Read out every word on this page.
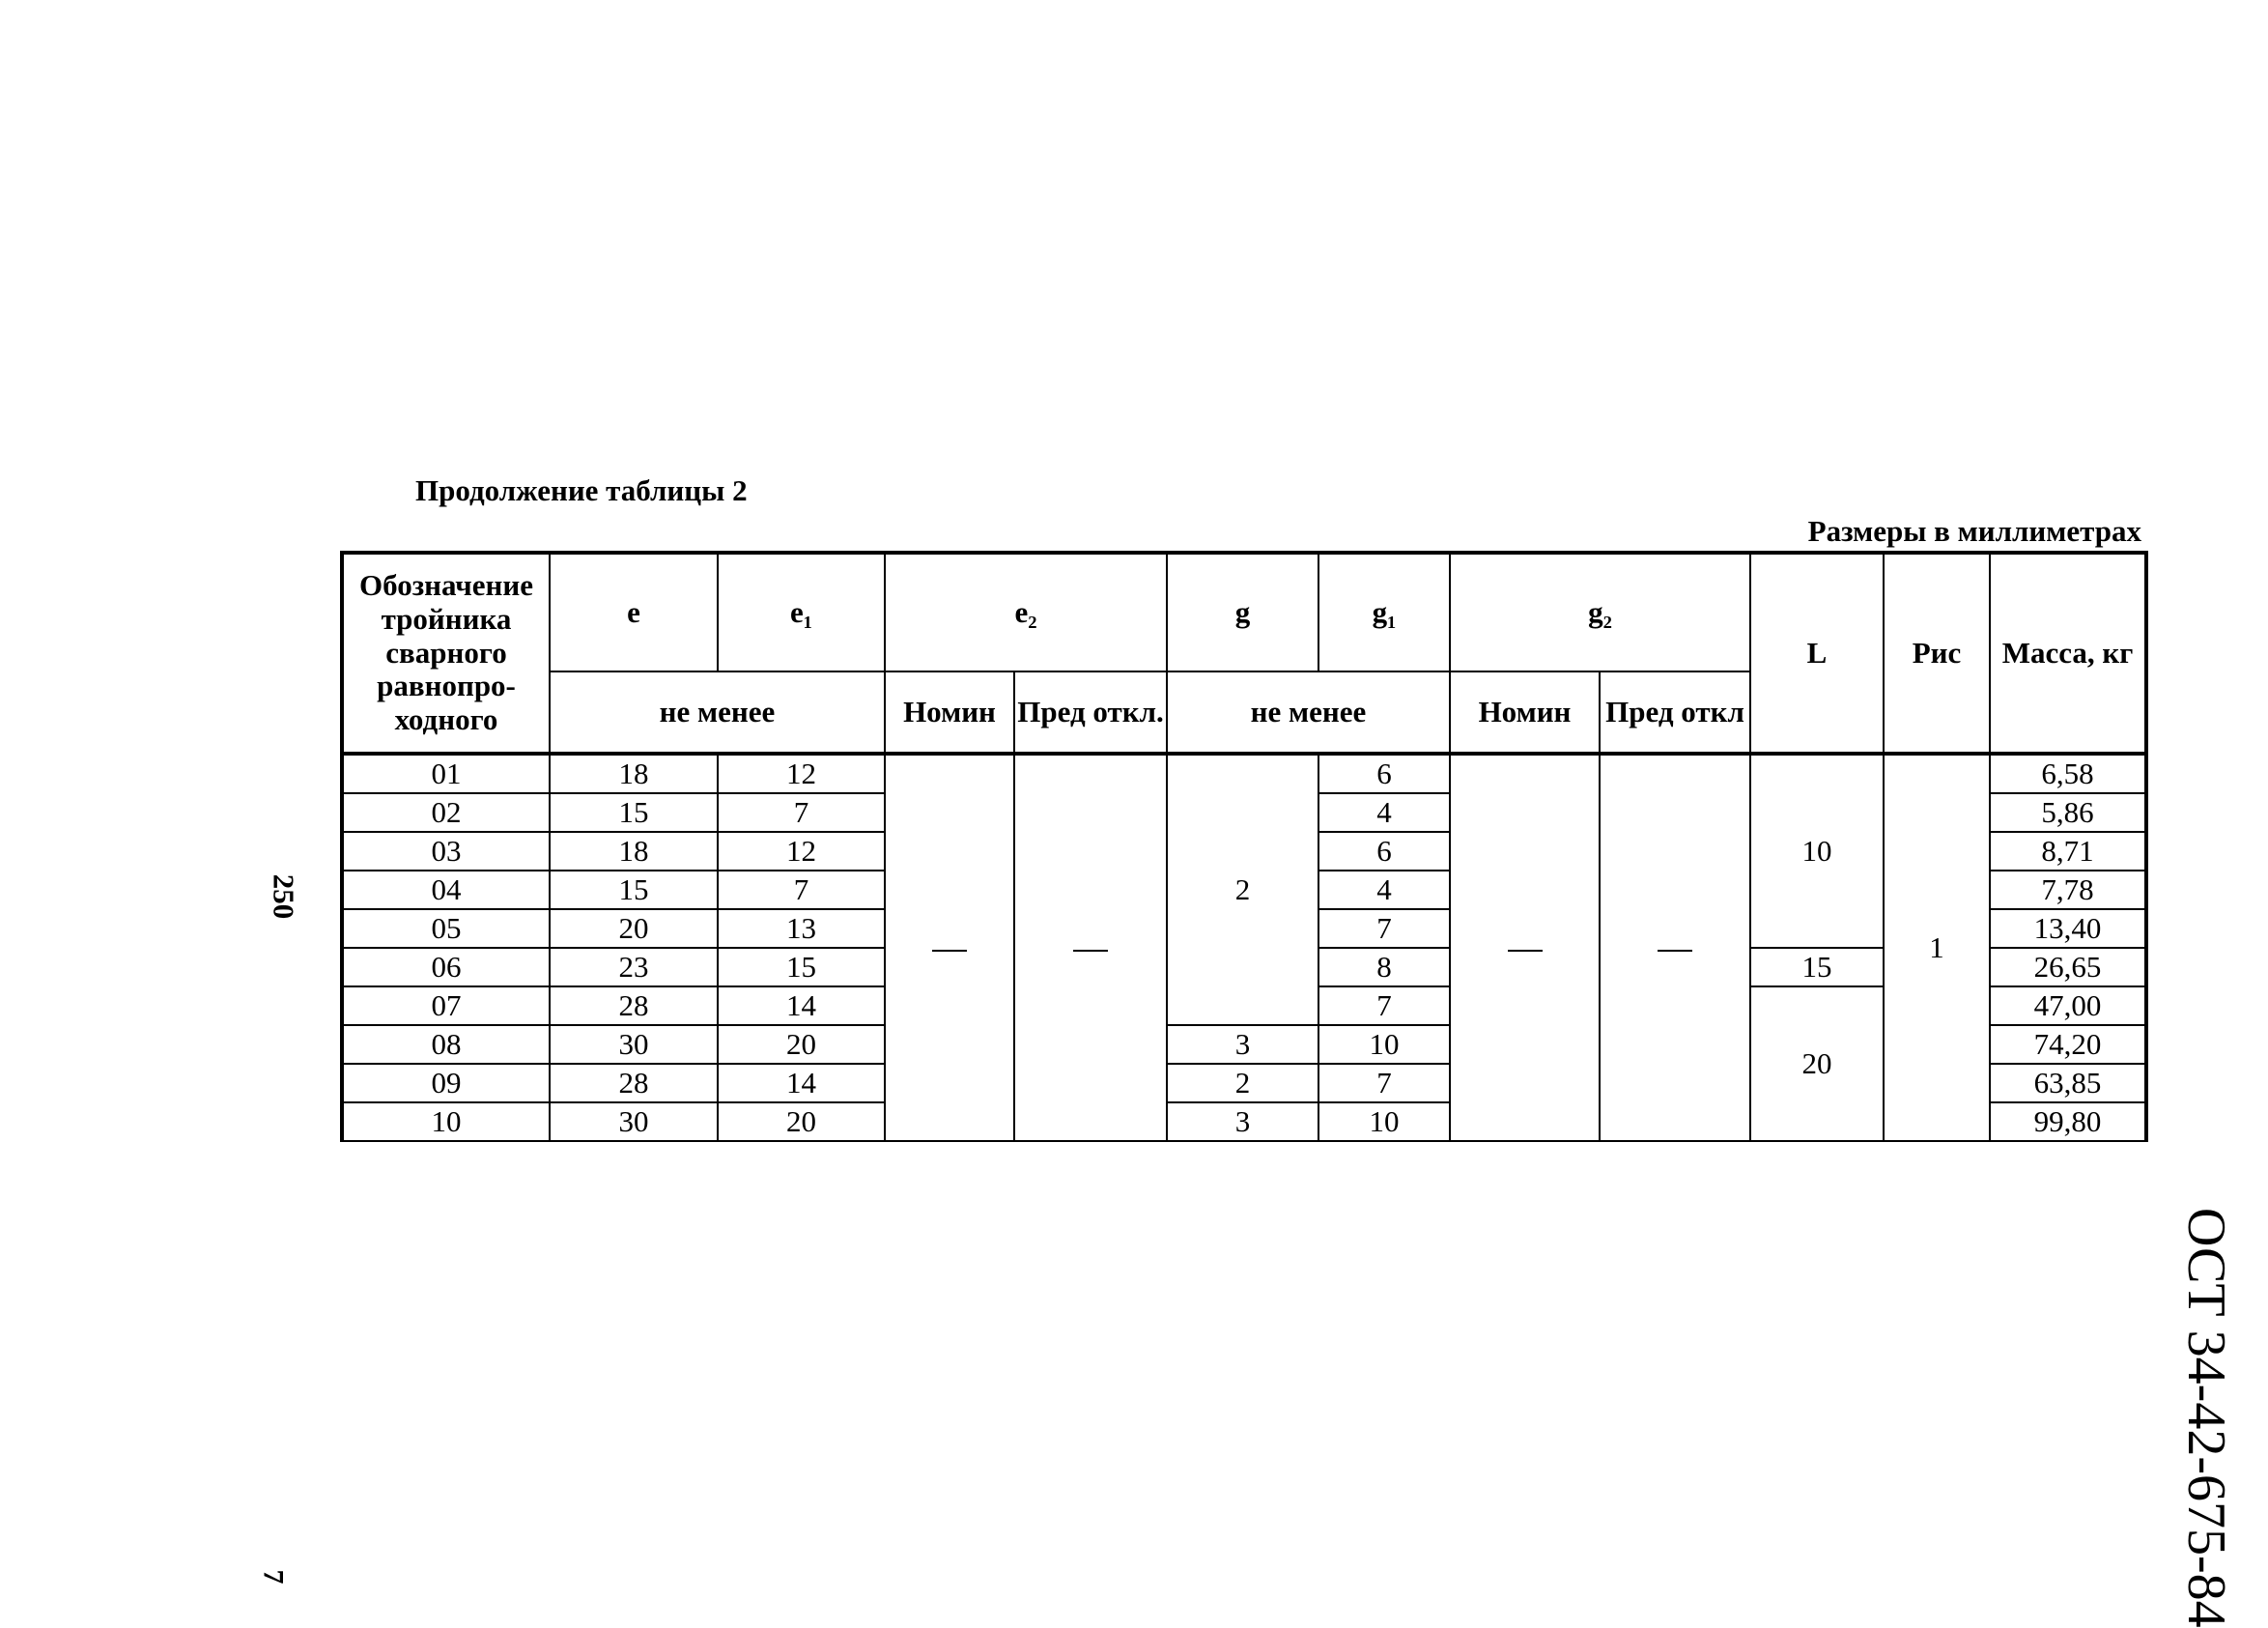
Продолжение таблицы 2
Размеры в миллиметрах
250
7	ОСТ 34-42-675-84
Обозначение тройника сварного равнопро- ходного	e	e₁	e₂		g	g₁	g₂		L	Рис	Масса, кг
	не менее		Номин	Пред откл.	не менее		Номин	Пред откл			
01	18	12			2	6			10	1	6,58
02	15	7				4					5,86
03	18	12				6					8,71
04	15	7				4					7,78
05	20	13				7					13,40
06	23	15				8			15		26,65
07	28	14				7			20		47,00
08	30	20			3	10					74,20
09	28	14			2	7					63,85
10	30	20			3	10					99,80
